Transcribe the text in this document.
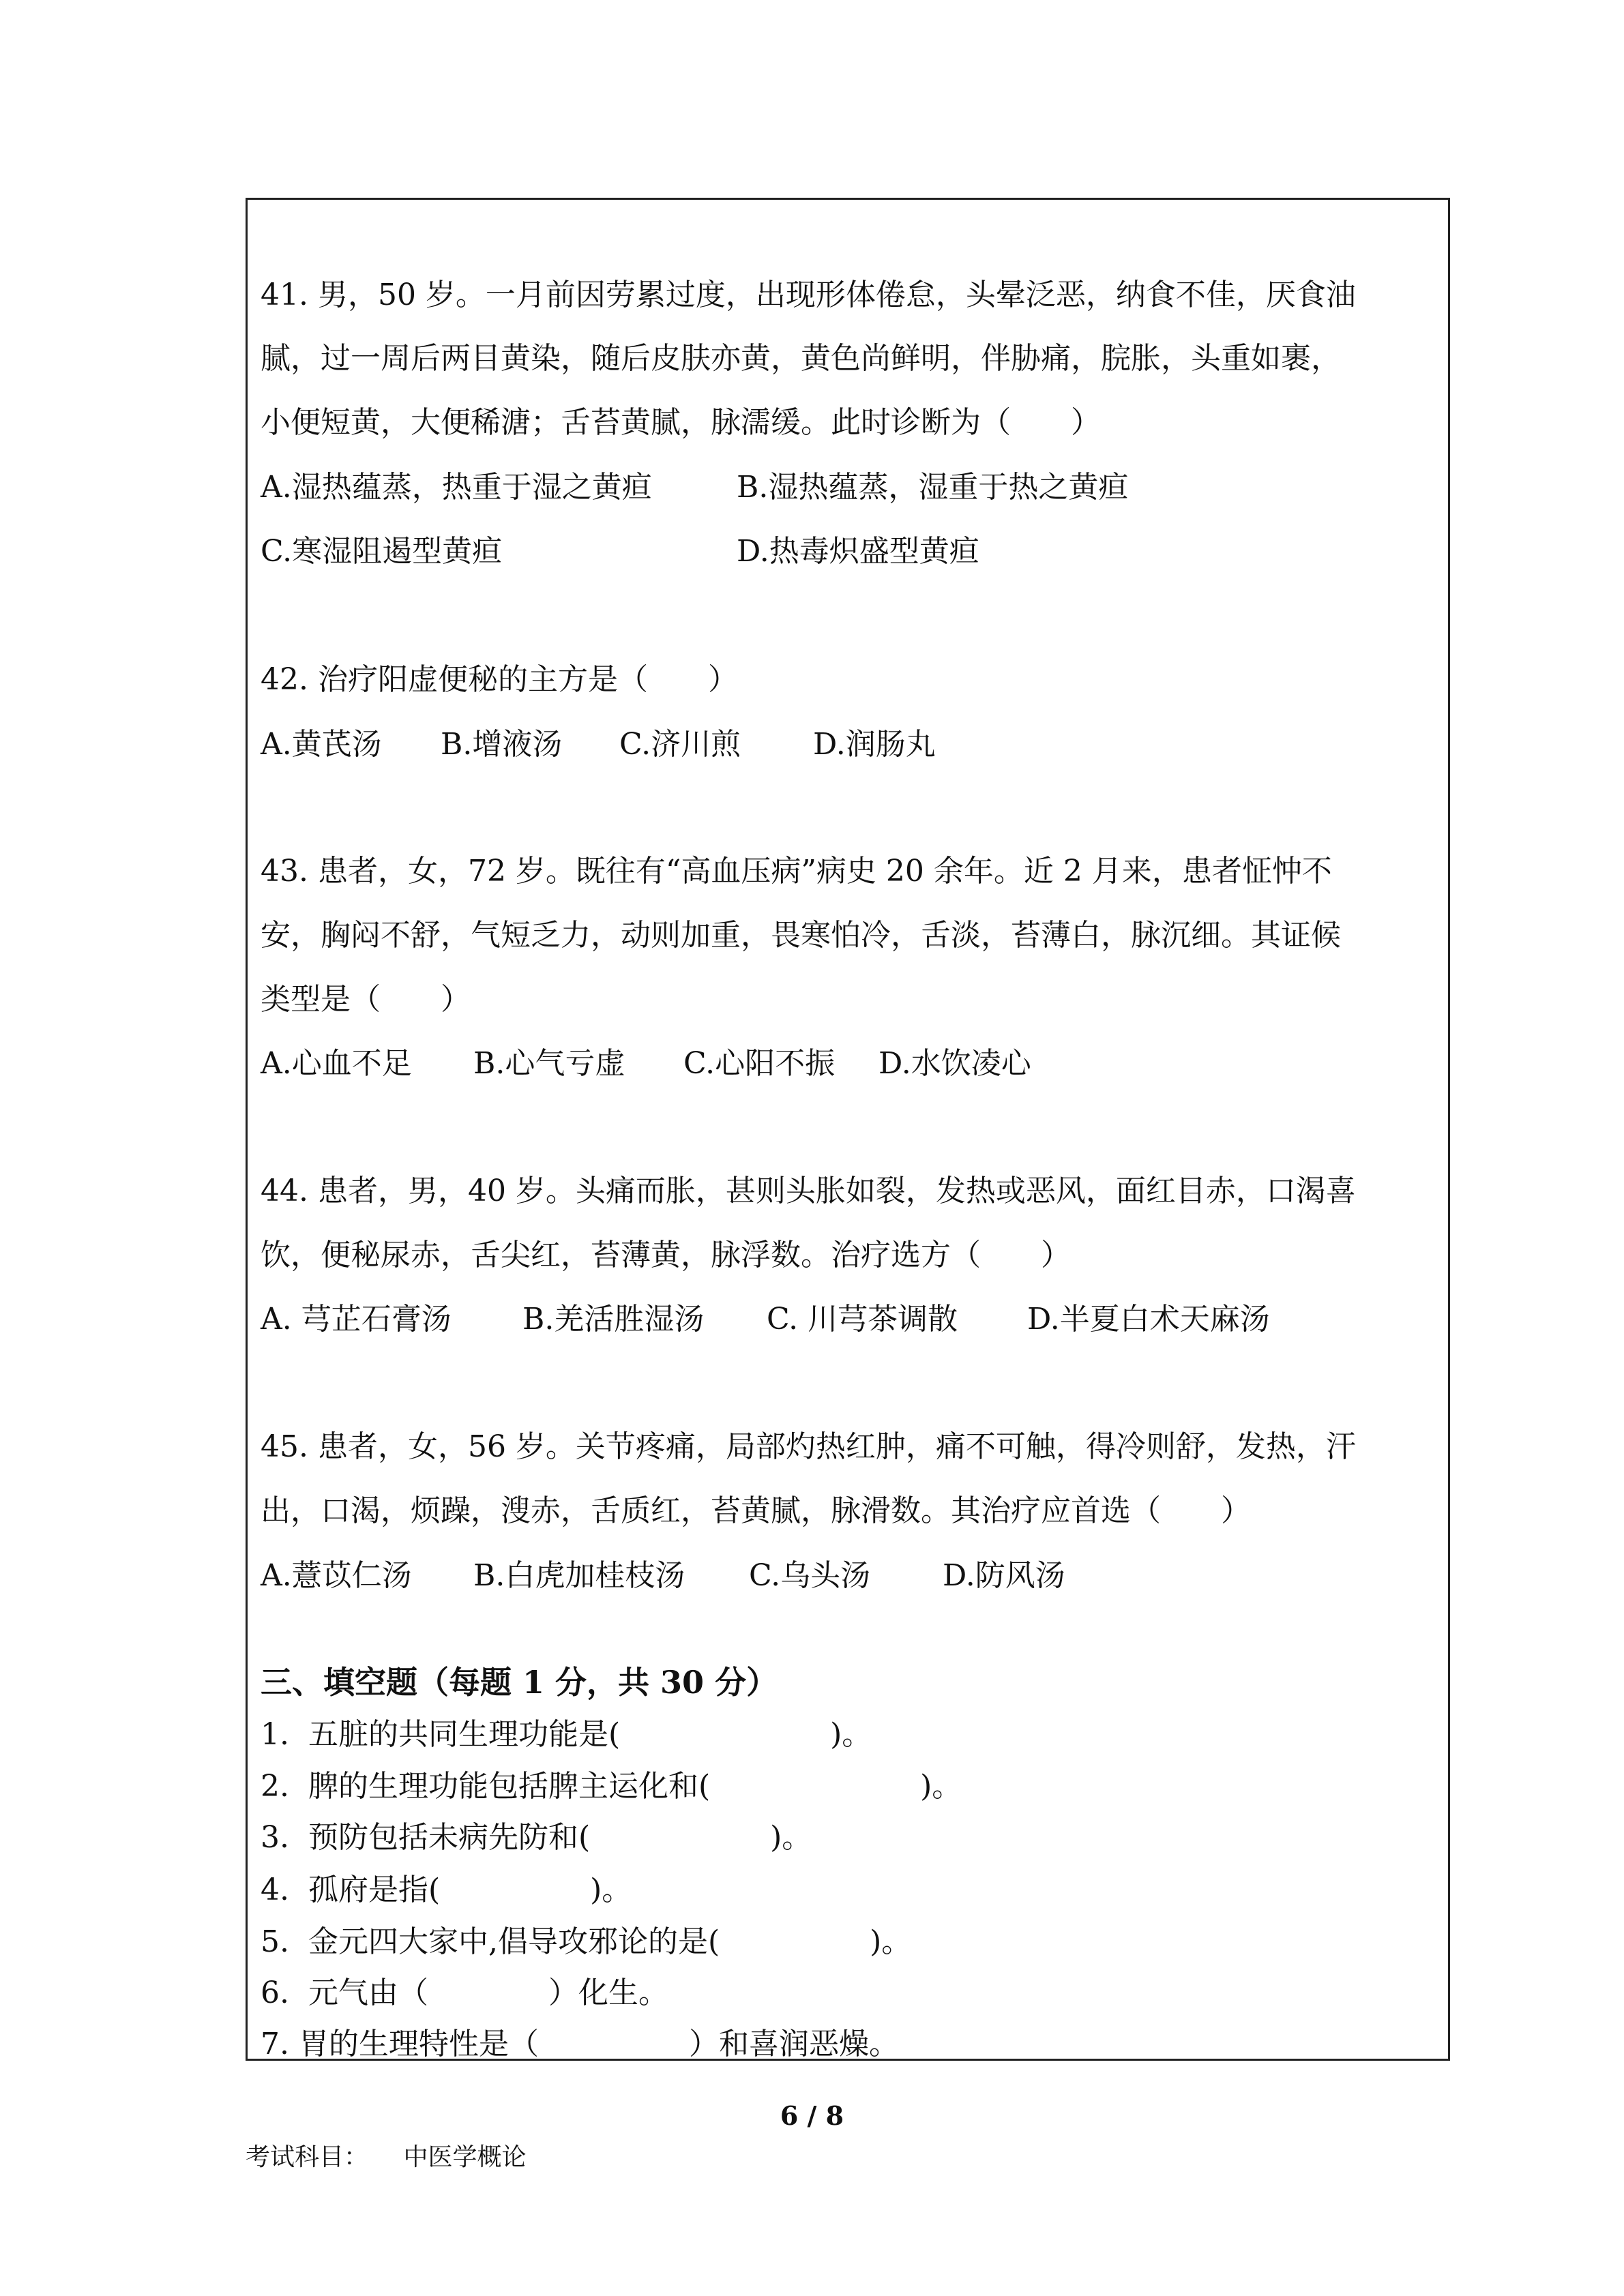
41. 男，50 岁。一月前因劳累过度，出现形体倦怠，头晕泛恶，纳食不佳，厌食油
腻，过一周后两目黄染，随后皮肤亦黄，黄色尚鲜明，伴胁痛，脘胀，头重如裹，
小便短黄，大便稀溏；舌苔黄腻，脉濡缓。此时诊断为（　　）
A.湿热蕴蒸，热重于湿之黄疸	B.湿热蕴蒸，湿重于热之黄疸
C.寒湿阻遏型黄疸	D.热毒炽盛型黄疸
42. 治疗阳虚便秘的主方是（　　）
A.黄芪汤 B.增液汤 C.济川煎 D.润肠丸
43. 患者，女，72 岁。既往有“高血压病”病史 20 余年。近 2 月来，患者怔忡不
安，胸闷不舒，气短乏力，动则加重，畏寒怕冷，舌淡，苔薄白，脉沉细。其证候
类型是（　　）
A.心血不足 B.心气亏虚 C.心阳不振 D.水饮凌心
44. 患者，男，40 岁。头痛而胀，甚则头胀如裂，发热或恶风，面红目赤，口渴喜
饮，便秘尿赤，舌尖红，苔薄黄，脉浮数。治疗选方（　　）
A. 芎芷石膏汤 B.羌活胜湿汤 C. 川芎茶调散 D.半夏白术天麻汤
45. 患者，女，56 岁。关节疼痛，局部灼热红肿，痛不可触，得冷则舒，发热，汗
出，口渴，烦躁，溲赤，舌质红，苔黄腻，脉滑数。其治疗应首选（　　）
A.薏苡仁汤 B.白虎加桂枝汤 C.乌头汤 D.防风汤
三、填空题（每题 1 分，共 30 分）
1.  五脏的共同生理功能是(　　　　　　　)。
2.  脾的生理功能包括脾主运化和(　　　　　　　)。
3.  预防包括未病先防和(　　　　　　)。
4.  孤府是指(　　　　　)。
5.  金元四大家中,倡导攻邪论的是(　　　　　)。
6.  元气由（　　　　）化生。
7. 胃的生理特性是（　　　　　）和喜润恶燥。
6 / 8
考试科目： 中医学概论
